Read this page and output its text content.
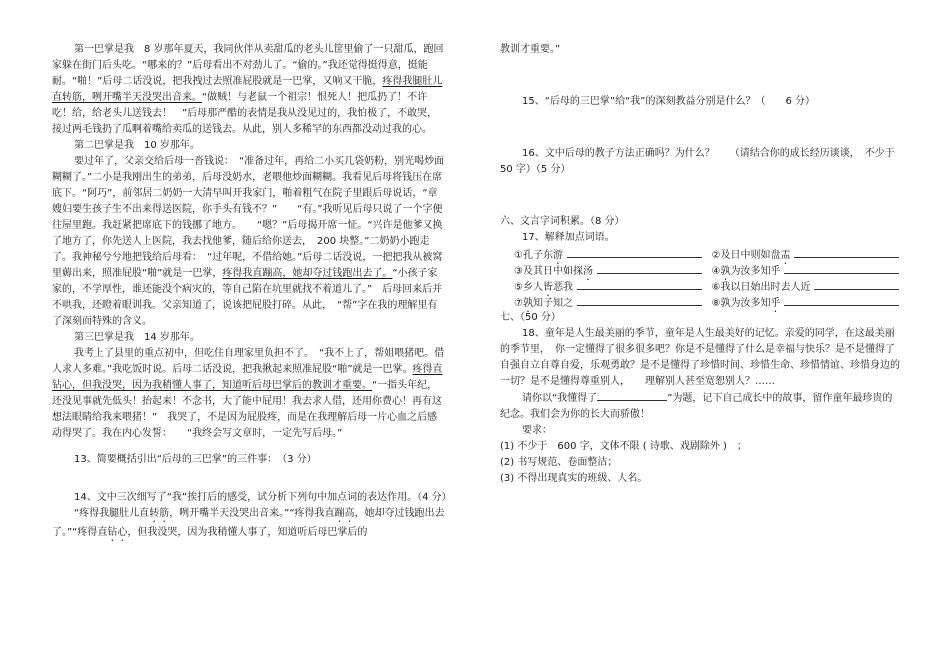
第一巴掌是我　8 岁那年夏天，我同伙伴从卖甜瓜的老头儿筐里偷了一只甜瓜，跑回家躲在街门后头吃。“哪来的？”后母看出不对劲儿了。“偷的。”我还觉得挺得意，挺能耐。“啪！”后母二话没说，把我拽过去照准屁股就是一巴掌，又响又干脆，疼得我腿肚儿直转筋，咧开嘴半天没哭出音来。“做贼！与老鼠一个祖宗！恨死人！把瓜扔了！不许吃！给，给老头儿送钱去！　”后母那严酷的表情是我从没见过的，我怕极了，不敢哭，接过两毛钱扔了瓜啊着嘴给卖瓜的送钱去。从此，别人多稀罕的东西都没动过我的心。

第二巴掌是我　10 岁那年。

要过年了，父亲交给后母一沓钱说：　“准备过年，再给二小买几袋奶粉，别光喝炒面糊糊了。”二小是我刚出生的弟弟，后母没奶水，老喂他炒面糊糊。我看见后母将钱压在席底下。“阿巧”，前邻居二奶奶一大清早叫开我家门，啪着粗气在院子里跟后母说话，“章嫂妇要生孩子生不出来得送医院，你手头有钱不？”　　“有。”我听见后母只说了一个字便往屋里跑。我赶紧把席底下的钱挪了地方。　　“嗯？”后母揭开席一怔。“兴许是他爹又换了地方了，你先送人上医院，我去找他爹，随后给你送去，　200 块整。”二奶奶小跑走了。我神秘兮兮地把钱给后母看：　“过年呢，不借给她。”后母二话没说，一把把我从被窝里薅出来，照准屁股“啪”就是一巴掌，疼得我直蹦高，她却夺过钱跑出去了。“小孩子家家的，不学厚性，谁还能没个病灾的，等自己陷在坑里就找不着道儿了。”　后母回来后并不哄我，还瞪着眼训我。父亲知道了，说该把屁股打碎。从此，　“帮”字在我的理解里有了深刻而特殊的含义。

第三巴掌是我　14 岁那年。

我考上了县里的重点初中，但吃住自理家里负担不了。　“我不上了，帮姐喂猪吧。借人求人多难。”我吃饭时说。后母二话没说，把我揪起来照准屁股“啪”就是一巴掌。疼得直钻心，但我没哭，因为我稍懂人事了，知道听后母巴掌后的教训才重要。“一指头年纪，还没见事就先低头！抬起来！不念书，大了能中屁用！我去求人借，还用你费心！再有这想法眼睛给我来喂猪！”　我哭了，不是因为屁股疼，而是在我理解后母一片心血之后感动得哭了。我在内心发誓：　　“我终会写文章时，一定先写后母。”

13、简要概括引出“后母的三巴掌”的三件事：　（3 分）

14、文中三次细写了“我”挨打后的感受，试分析下列句中加点词的表达作用。（4 分）

“疼得我腿肚儿直转筋，咧开嘴半天没哭出音来。”“疼得我直蹦高，她却夺过钱跑出去了。”“疼得直钻心，但我没哭，因为我稍懂人事了，知道听后母巴掌后的

教训才重要。”

15、“后母的三巴掌”给“我”的深刻教益分别是什么？（　　6 分）

16、文中后母的教子方法正确吗？为什么？　　（请结合你的成长经历谈谈，　不少于 50 字）（5 分）

六、文言字词积累。（8 分）

17、解释加点词语。

①孔子东 游	②及日中则如盘 盂
③及其日中如探 汤	④ 孰 为汝多知乎
⑤乡人 皆 恶我	⑥我以日始出时去人近
⑦ 孰 知子知之	⑧孰为汝多知 乎

七、（50 分）

18、童年是人生最美丽的季节，童年是人生最美好的记忆。亲爱的同学，在这最美丽的季节里，　你一定懂得了很多很多吧？你是不是懂得了什么是幸福与快乐？是不是懂得了自强自立自尊自爱，乐观勇敢？是不是懂得了珍惜时间、珍惜生命、珍惜情谊、珍惜身边的一切？是不是懂得尊重别人，　　理解别人甚至宽恕别人？……

请你以“我懂得了	”为题，记下自己成长中的故事，留作童年最珍贵的纪念。我们会为你的长大而骄傲！

要求：

(1) 不少于　600 字，文体不限 ( 诗歌、戏剧除外 )　；

(2) 书写规范、卷面整洁；

(3) 不得出现真实的班级、人名。
